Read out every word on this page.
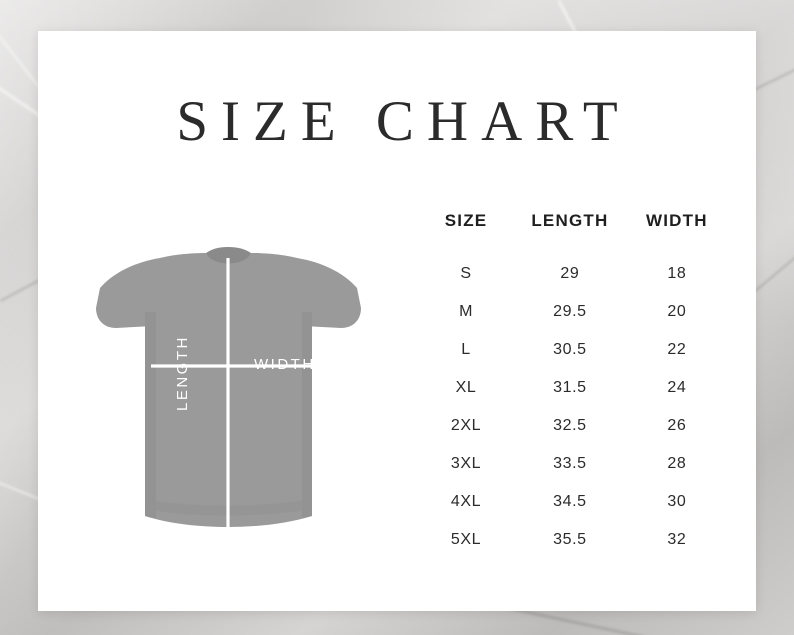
SIZE CHART
WIDTH
LENGTH
SIZE	LENGTH	WIDTH
S	29	18
M	29.5	20
L	30.5	22
XL	31.5	24
2XL	32.5	26
3XL	33.5	28
4XL	34.5	30
5XL	35.5	32
